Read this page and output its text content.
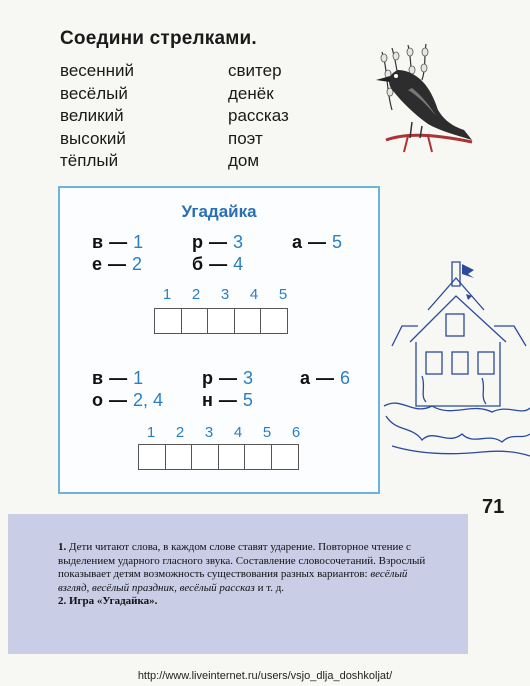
Соедини стрелками.
весенний
весёлый
великий
высокий
тёплый
свитер
денёк
рассказ
поэт
дом
Угадайка
в — 1	р — 3	а — 5
е — 2	б — 4
1	2	3	4	5
в — 1	р — 3	а — 6
о — 2, 4 н — 5
1	2	3	4	5	6
71
1. Дети читают слова, в каждом слове ставят ударение. Повторное чтение с выделением ударного гласного звука. Составление словосочетаний. Взрослый показывает детям возможность существования разных вариантов: весёлый взгляд, весёлый праздник, весёлый рассказ и т. д.
2. Игра «Угадайка».
http://www.liveinternet.ru/users/vsjo_dlja_doshkoljat/
